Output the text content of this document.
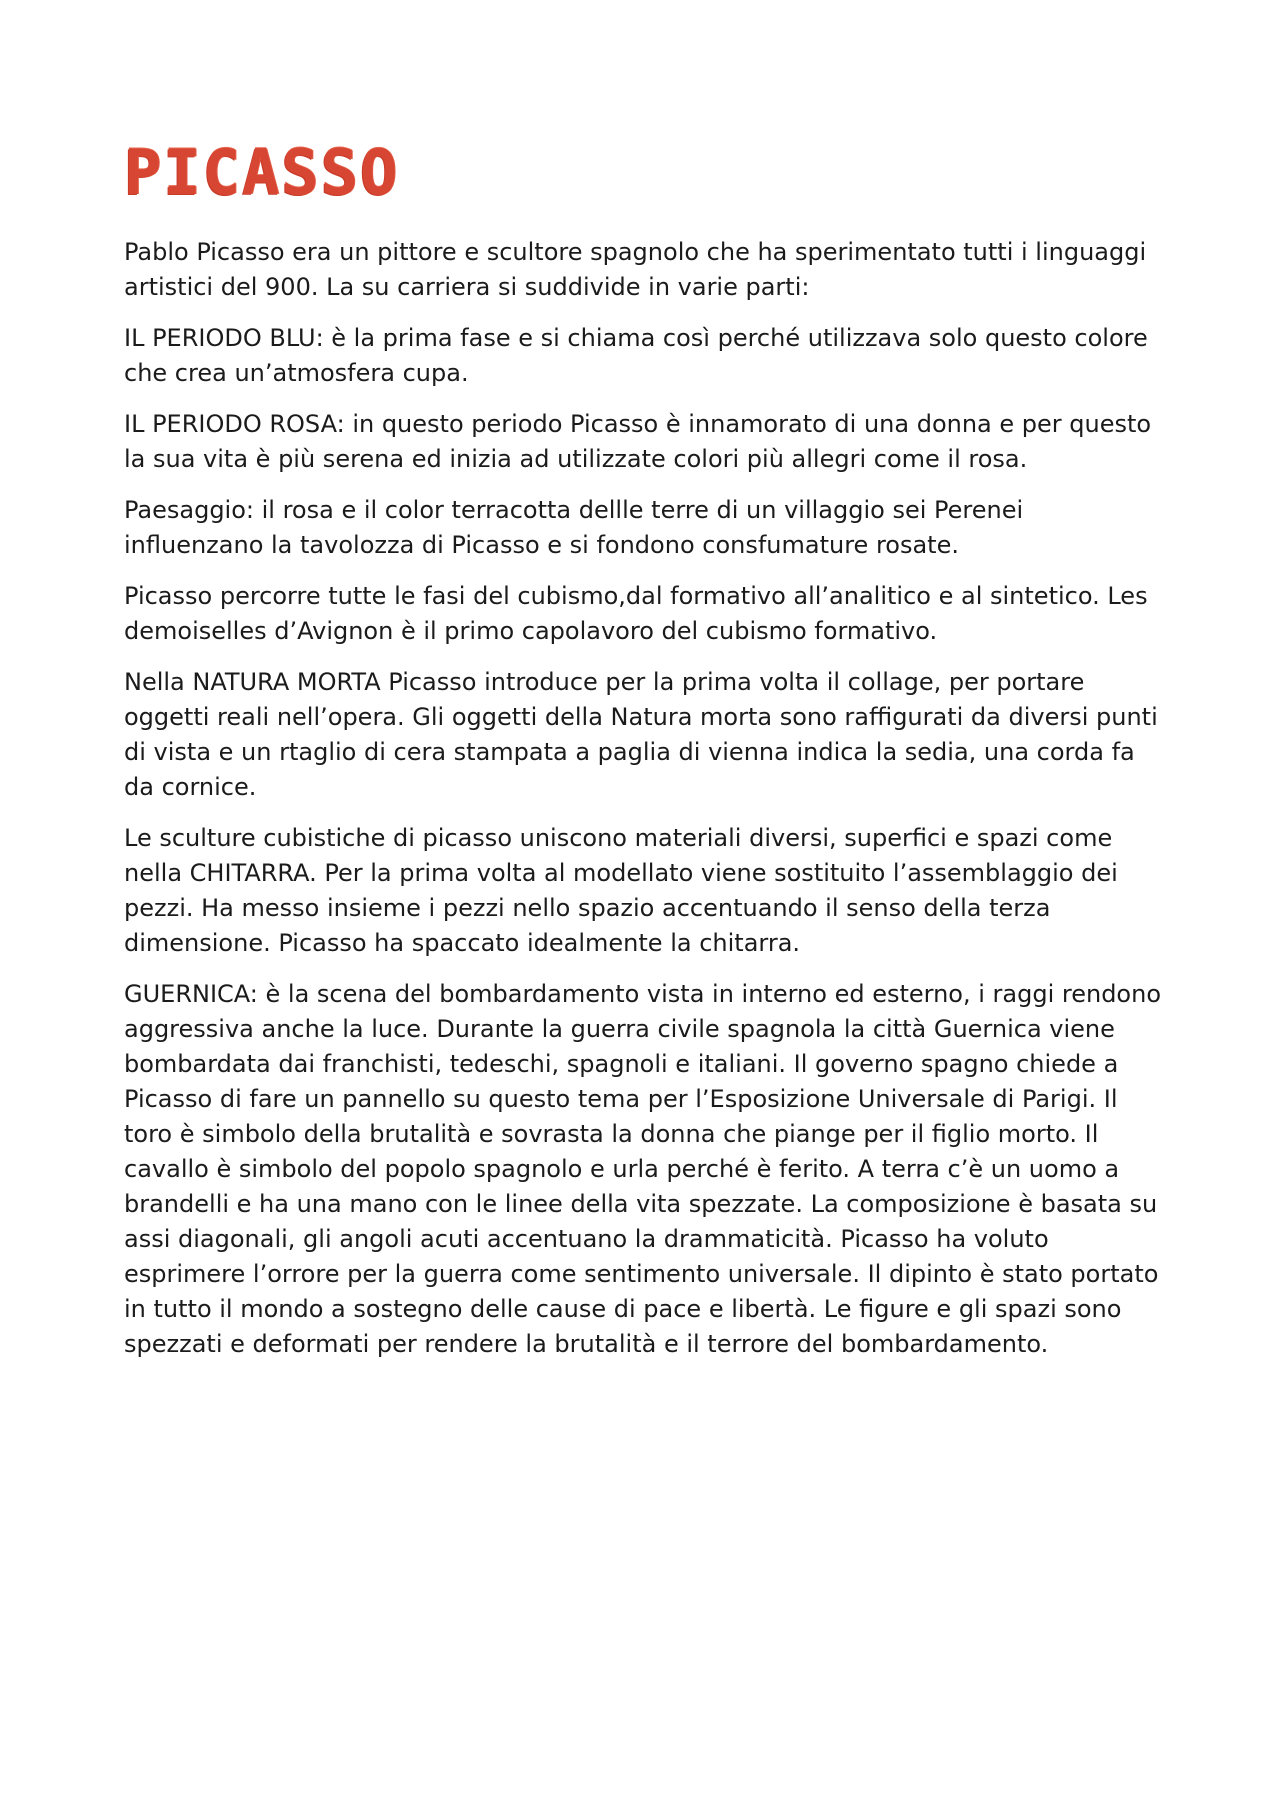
PICASSO

Pablo Picasso era un pittore e scultore spagnolo che ha sperimentato tutti i linguaggi artistici del 900. La su carriera si suddivide in varie parti:

IL PERIODO BLU: è la prima fase e si chiama così perché utilizzava solo questo colore che crea un’atmosfera cupa.

IL PERIODO ROSA: in questo periodo Picasso è innamorato di una donna e per questo la sua vita è più serena ed inizia ad utilizzate colori più allegri come il rosa.

Paesaggio: il rosa e il color terracotta dellle terre di un villaggio sei Perenei influenzano la tavolozza di Picasso e si fondono consfumature rosate.

Picasso percorre tutte le fasi del cubismo,dal formativo all’analitico e al sintetico. Les demoiselles d’Avignon è il primo capolavoro del cubismo formativo.

Nella NATURA MORTA Picasso introduce per la prima volta il collage, per portare oggetti reali nell’opera. Gli oggetti della Natura morta sono raffigurati da diversi punti di vista e un rtaglio di cera stampata a paglia di vienna indica la sedia, una corda fa da cornice.

Le sculture cubistiche di picasso uniscono materiali diversi, superfici e spazi come nella CHITARRA. Per la prima volta al modellato viene sostituito l’assemblaggio dei pezzi. Ha messo insieme i pezzi nello spazio accentuando il senso della terza dimensione. Picasso ha spaccato idealmente la chitarra.

GUERNICA: è la scena del bombardamento vista in interno ed esterno, i raggi rendono aggressiva anche la luce. Durante la guerra civile spagnola la città Guernica viene bombardata dai franchisti, tedeschi, spagnoli e italiani. Il governo spagno chiede a Picasso di fare un pannello su questo tema per l’Esposizione Universale di Parigi. Il toro è simbolo della brutalità e sovrasta la donna che piange per il figlio morto. Il cavallo è simbolo del popolo spagnolo e urla perché è ferito. A terra c’è un uomo a brandelli e ha una mano con le linee della vita spezzate. La composizione è basata su assi diagonali, gli angoli acuti accentuano la drammaticità. Picasso ha voluto esprimere l’orrore per la guerra come sentimento universale. Il dipinto è stato portato in tutto il mondo a sostegno delle cause di pace e libertà. Le figure e gli spazi sono spezzati e deformati per rendere la brutalità e il terrore del bombardamento.
